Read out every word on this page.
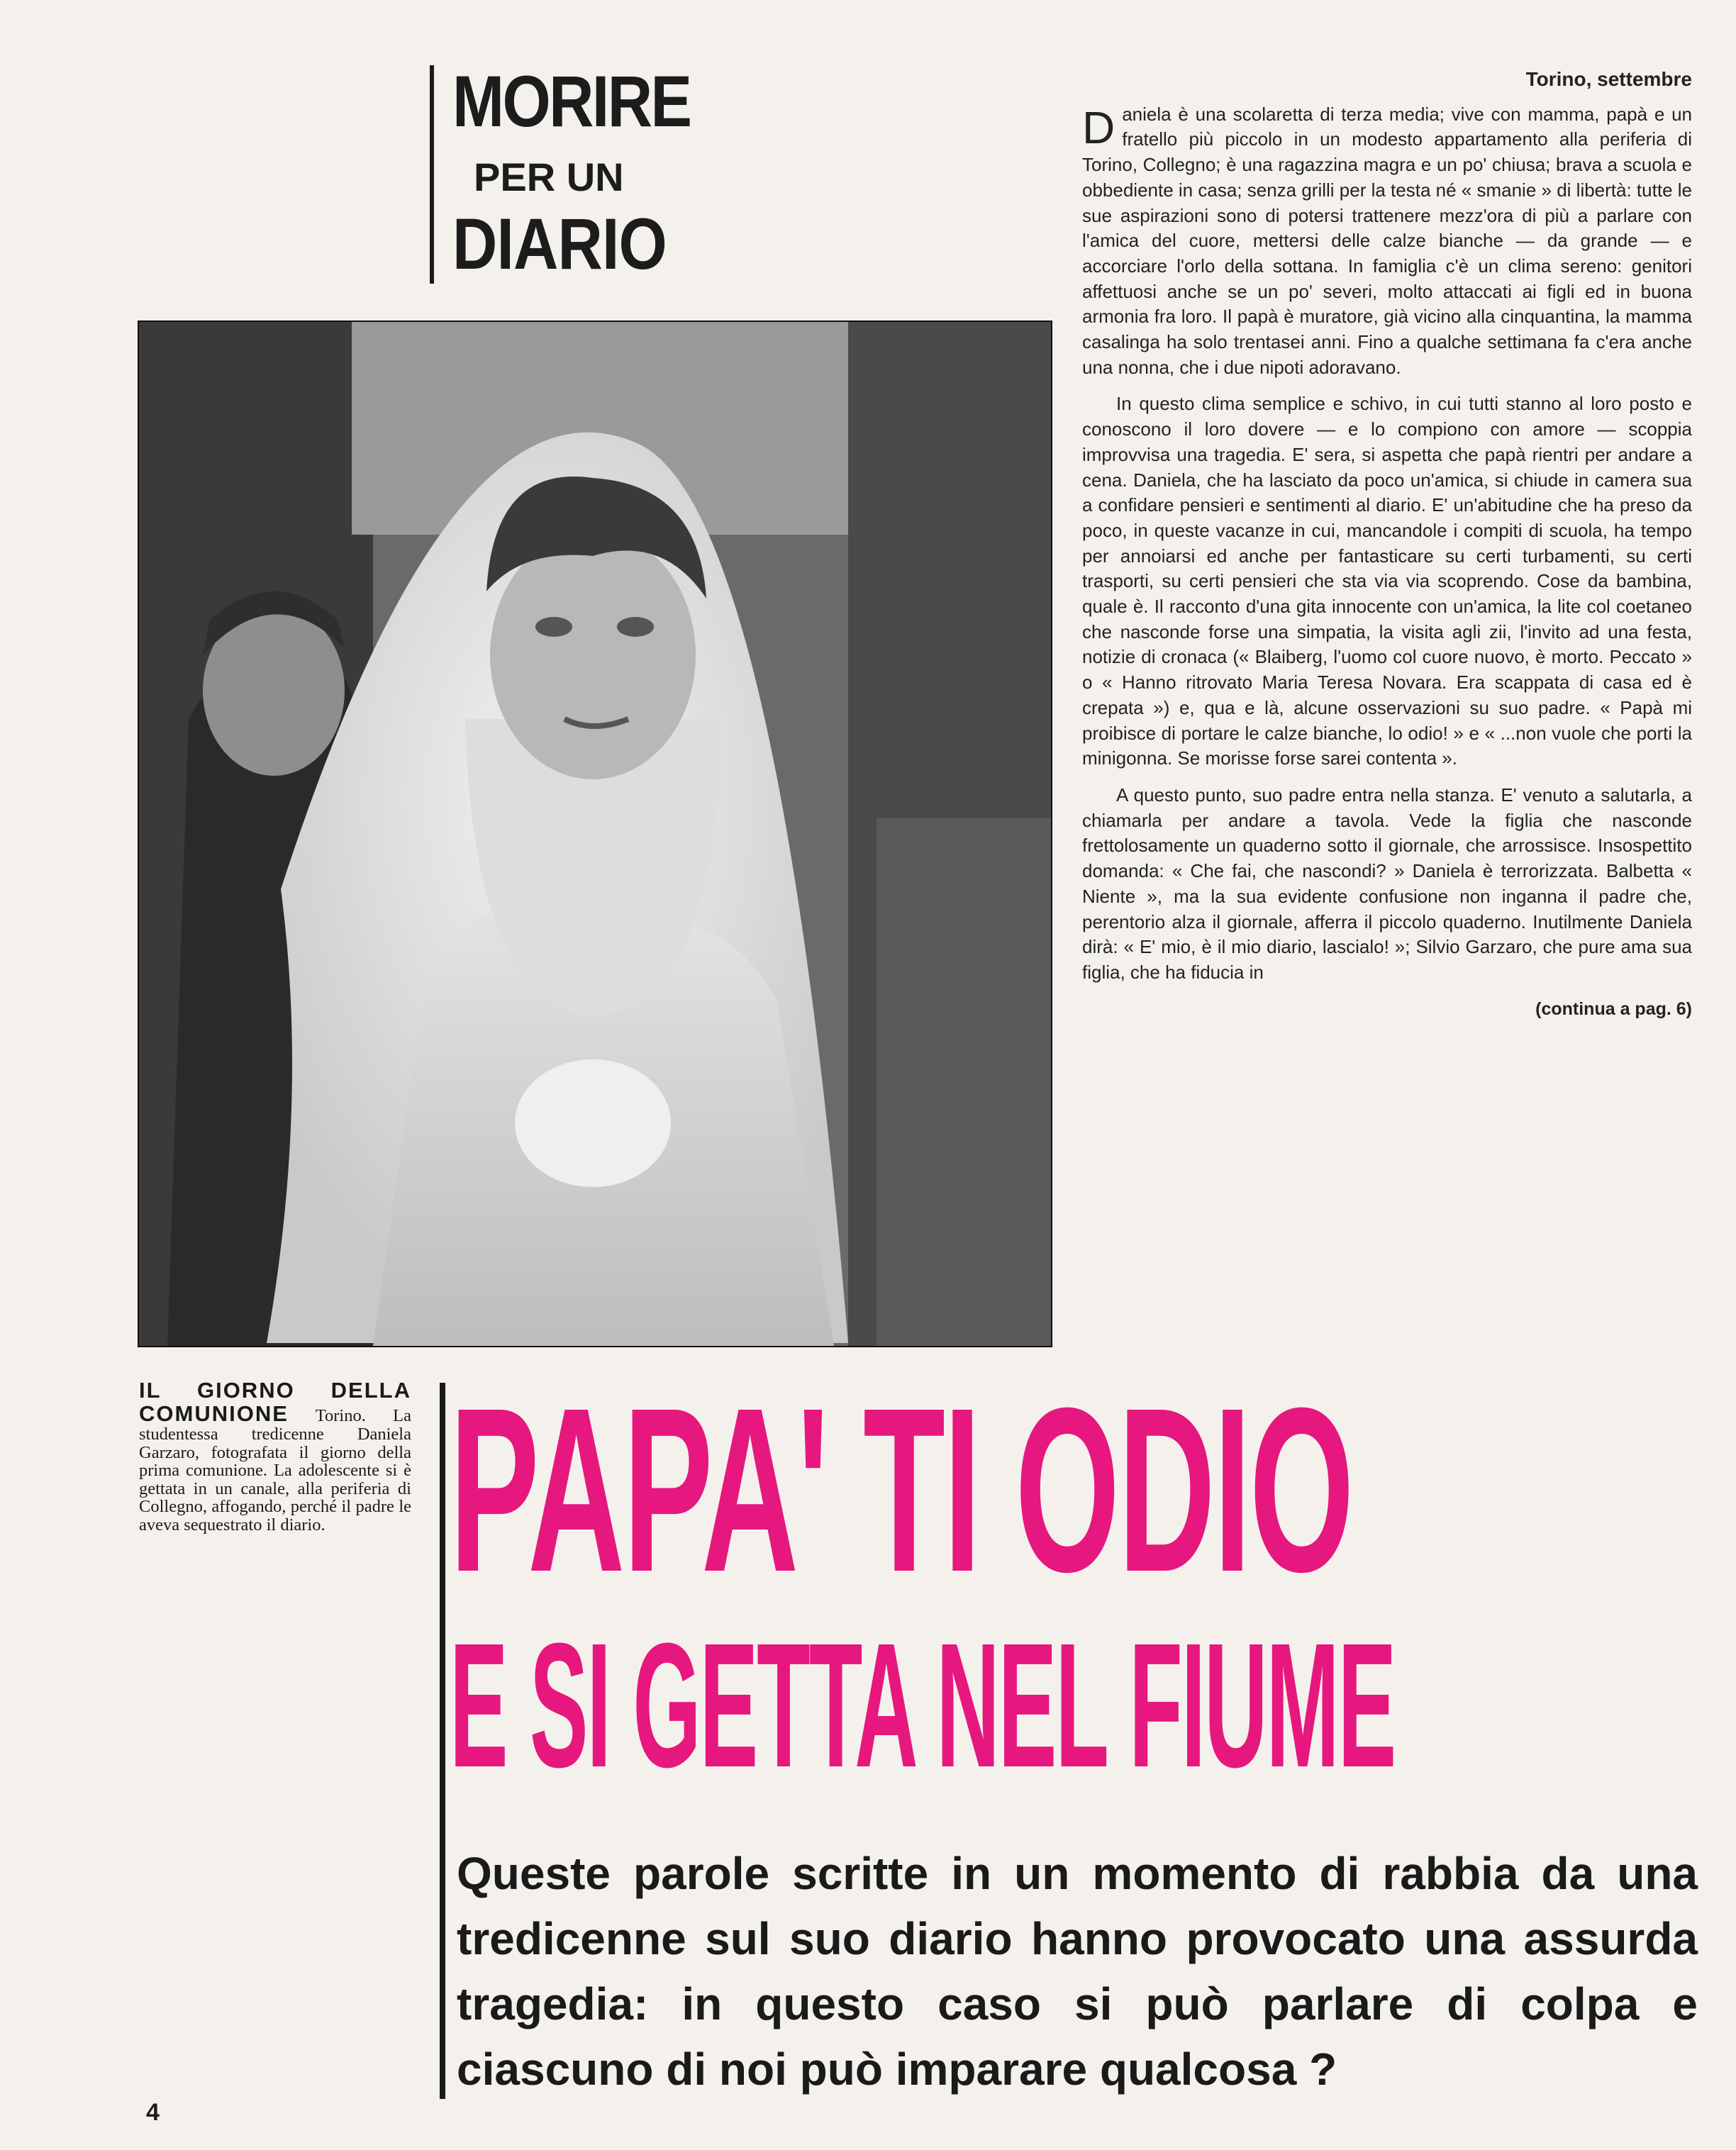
MORIRE
PER UN
DIARIO
Torino, settembre

Daniela è una scolaretta di terza media; vive con mamma, papà e un fratello più piccolo in un modesto appartamento alla periferia di Torino, Collegno; è una ragazzina magra e un po' chiusa; brava a scuola e obbediente in casa; senza grilli per la testa né « smanie » di libertà: tutte le sue aspirazioni sono di potersi trattenere mezz'ora di più a parlare con l'amica del cuore, mettersi delle calze bianche — da grande — e accorciare l'orlo della sottana. In famiglia c'è un clima sereno: genitori affettuosi anche se un po' severi, molto attaccati ai figli ed in buona armonia fra loro. Il papà è muratore, già vicino alla cinquantina, la mamma casalinga ha solo trentasei anni. Fino a qualche settimana fa c'era anche una nonna, che i due nipoti adoravano.

In questo clima semplice e schivo, in cui tutti stanno al loro posto e conoscono il loro dovere — e lo compiono con amore — scoppia improvvisa una tragedia. E' sera, si aspetta che papà rientri per andare a cena. Daniela, che ha lasciato da poco un'amica, si chiude in camera sua a confidare pensieri e sentimenti al diario. E' un'abitudine che ha preso da poco, in queste vacanze in cui, mancandole i compiti di scuola, ha tempo per annoiarsi ed anche per fantasticare su certi turbamenti, su certi trasporti, su certi pensieri che sta via via scoprendo. Cose da bambina, quale è. Il racconto d'una gita innocente con un'amica, la lite col coetaneo che nasconde forse una simpatia, la visita agli zii, l'invito ad una festa, notizie di cronaca (« Blaiberg, l'uomo col cuore nuovo, è morto. Peccato » o « Hanno ritrovato Maria Teresa Novara. Era scappata di casa ed è crepata ») e, qua e là, alcune osservazioni su suo padre. « Papà mi proibisce di portare le calze bianche, lo odio! » e « ...non vuole che porti la minigonna. Se morisse forse sarei contenta ».

A questo punto, suo padre entra nella stanza. E' venuto a salutarla, a chiamarla per andare a tavola. Vede la figlia che nasconde frettolosamente un quaderno sotto il giornale, che arrossisce. Insospettito domanda: « Che fai, che nascondi? » Daniela è terrorizzata. Balbetta « Niente », ma la sua evidente confusione non inganna il padre che, perentorio alza il giornale, afferra il piccolo quaderno. Inutilmente Daniela dirà: « E' mio, è il mio diario, lascialo! »; Silvio Garzaro, che pure ama sua figlia, che ha fiducia in

(continua a pag. 6)
IL GIORNO DELLA COMUNIONE Torino. La studentessa tredicenne Daniela Garzaro, fotografata il giorno della prima comunione. La adolescente si è gettata in un canale, alla periferia di Collegno, affogando, perché il padre le aveva sequestrato il diario. PAPA' TI ODIO
E SI GETTA NEL FIUME
Queste parole scritte in un momento di rabbia da una tredicenne sul suo diario hanno provocato una assurda tragedia: in questo caso si può parlare di colpa e ciascuno di noi può imparare qualcosa ?
4
